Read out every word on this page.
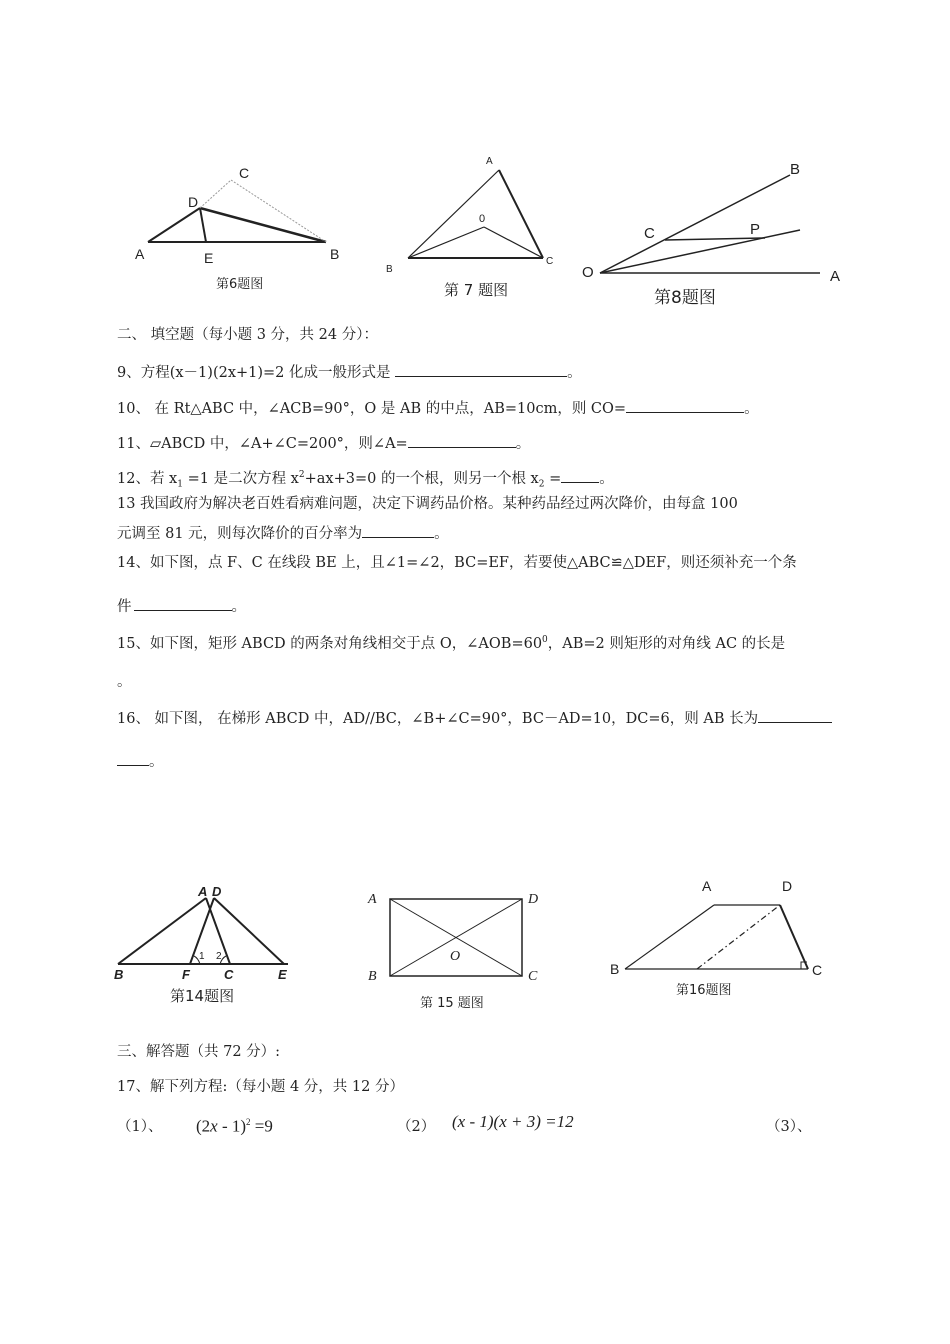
C
D
A	E	B
第6题图
A
0
B
C
第 7 题图
B
C	P
O	A
第8题图
二、 填空题（每小题 3 分，共 24 分）：
9、方程(x－1)(2x+1)=2 化成一般形式是	。
10、 在 Rt△ABC 中，∠ACB=90°，O 是 AB 的中点，AB=10cm，则 CO=	。
11、▱ABCD 中，∠A+∠C=200°，则∠A=	。
12、若 $x_1 =1$ 是二次方程 $x^2+ax+3=0$ 的一个根，则另一个根 $x_2$ =	。
13 我国政府为解决老百姓看病难问题，决定下调药品价格。某种药品经过两次降价，由每盒 100
元调至 81 元，则每次降价的百分率为	。
14、如下图，点 F、C 在线段 BE 上，且∠1=∠2，BC=EF，若要使△ABC≌△DEF，则还须补充一个条
件	。
15、如下图，矩形 ABCD 的两条对角线相交于点 O，$\angle AOB=60^0$，AB=2 则矩形的对角线 AC 的长是
。
16、 如下图， 在梯形 ABCD 中，AD//BC，∠B+∠C=90°，BC－AD=10，DC=6，则 AB 长为
。
A D
B	F	C	E
1 2
第14题图
A	D
B	C
O
第 15 题图
A	D
B	C
第16题图
三、解答题（共 72 分）:
17、解下列方程:（每小题 4 分，共 12 分）
（1）、 (2x - 1)$^2$ =9	（2） (x - 1)(x + 3) =12	（3）、
